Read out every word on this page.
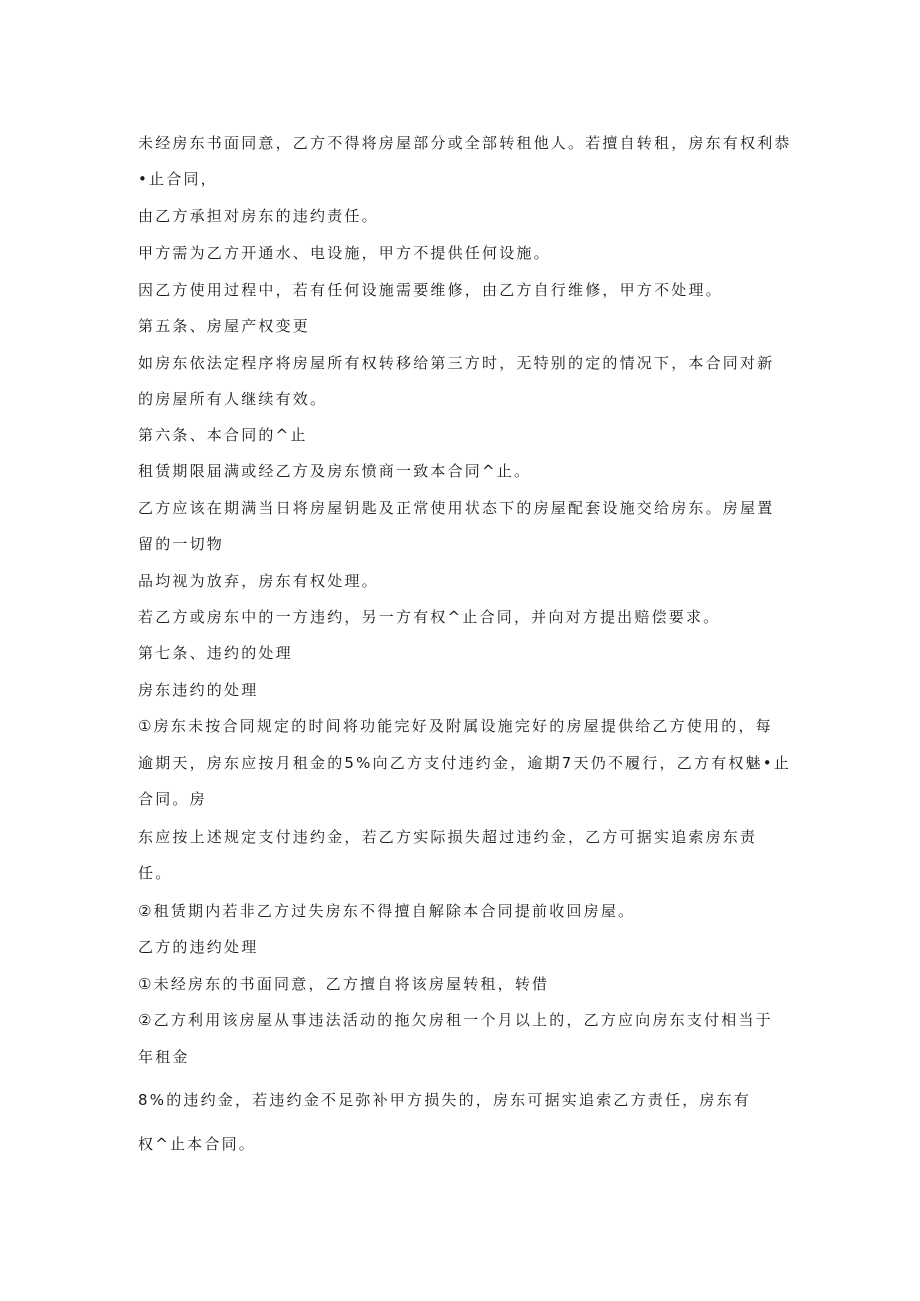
未经房东书面同意，乙方不得将房屋部分或全部转租他人。若擅自转租，房东有权利恭
•止合同，
由乙方承担对房东的违约责任。
甲方需为乙方开通水、电设施，甲方不提供任何设施。
因乙方使用过程中，若有任何设施需要维修，由乙方自行维修，甲方不处理。
第五条、房屋产权变更
如房东依法定程序将房屋所有权转移给第三方时，无特别的定的情况下，本合同对新
的房屋所有人继续有效。
第六条、本合同的^止
租赁期限届满或经乙方及房东愤商一致本合同^止。
乙方应该在期满当日将房屋钥匙及正常使用状态下的房屋配套设施交给房东。房屋置
留的一切物
品均视为放弃，房东有权处理。
若乙方或房东中的一方违约，另一方有权^止合同，并向对方提出赔偿要求。
第七条、违约的处理
房东违约的处理
①房东未按合同规定的时间将功能完好及附属设施完好的房屋提供给乙方使用的，每
逾期天，房东应按月租金的5%向乙方支付违约金，逾期7天仍不履行，乙方有权魅•止
合同。房
东应按上述规定支付违约金，若乙方实际损失超过违约金，乙方可据实追索房东责
任。
②租赁期内若非乙方过失房东不得擅自解除本合同提前收回房屋。
乙方的违约处理
①未经房东的书面同意，乙方擅自将该房屋转租，转借
②乙方利用该房屋从事违法活动的拖欠房租一个月以上的，乙方应向房东支付相当于
年租金
8%的违约金，若违约金不足弥补甲方损失的，房东可据实追索乙方责任，房东有
权^止本合同。
